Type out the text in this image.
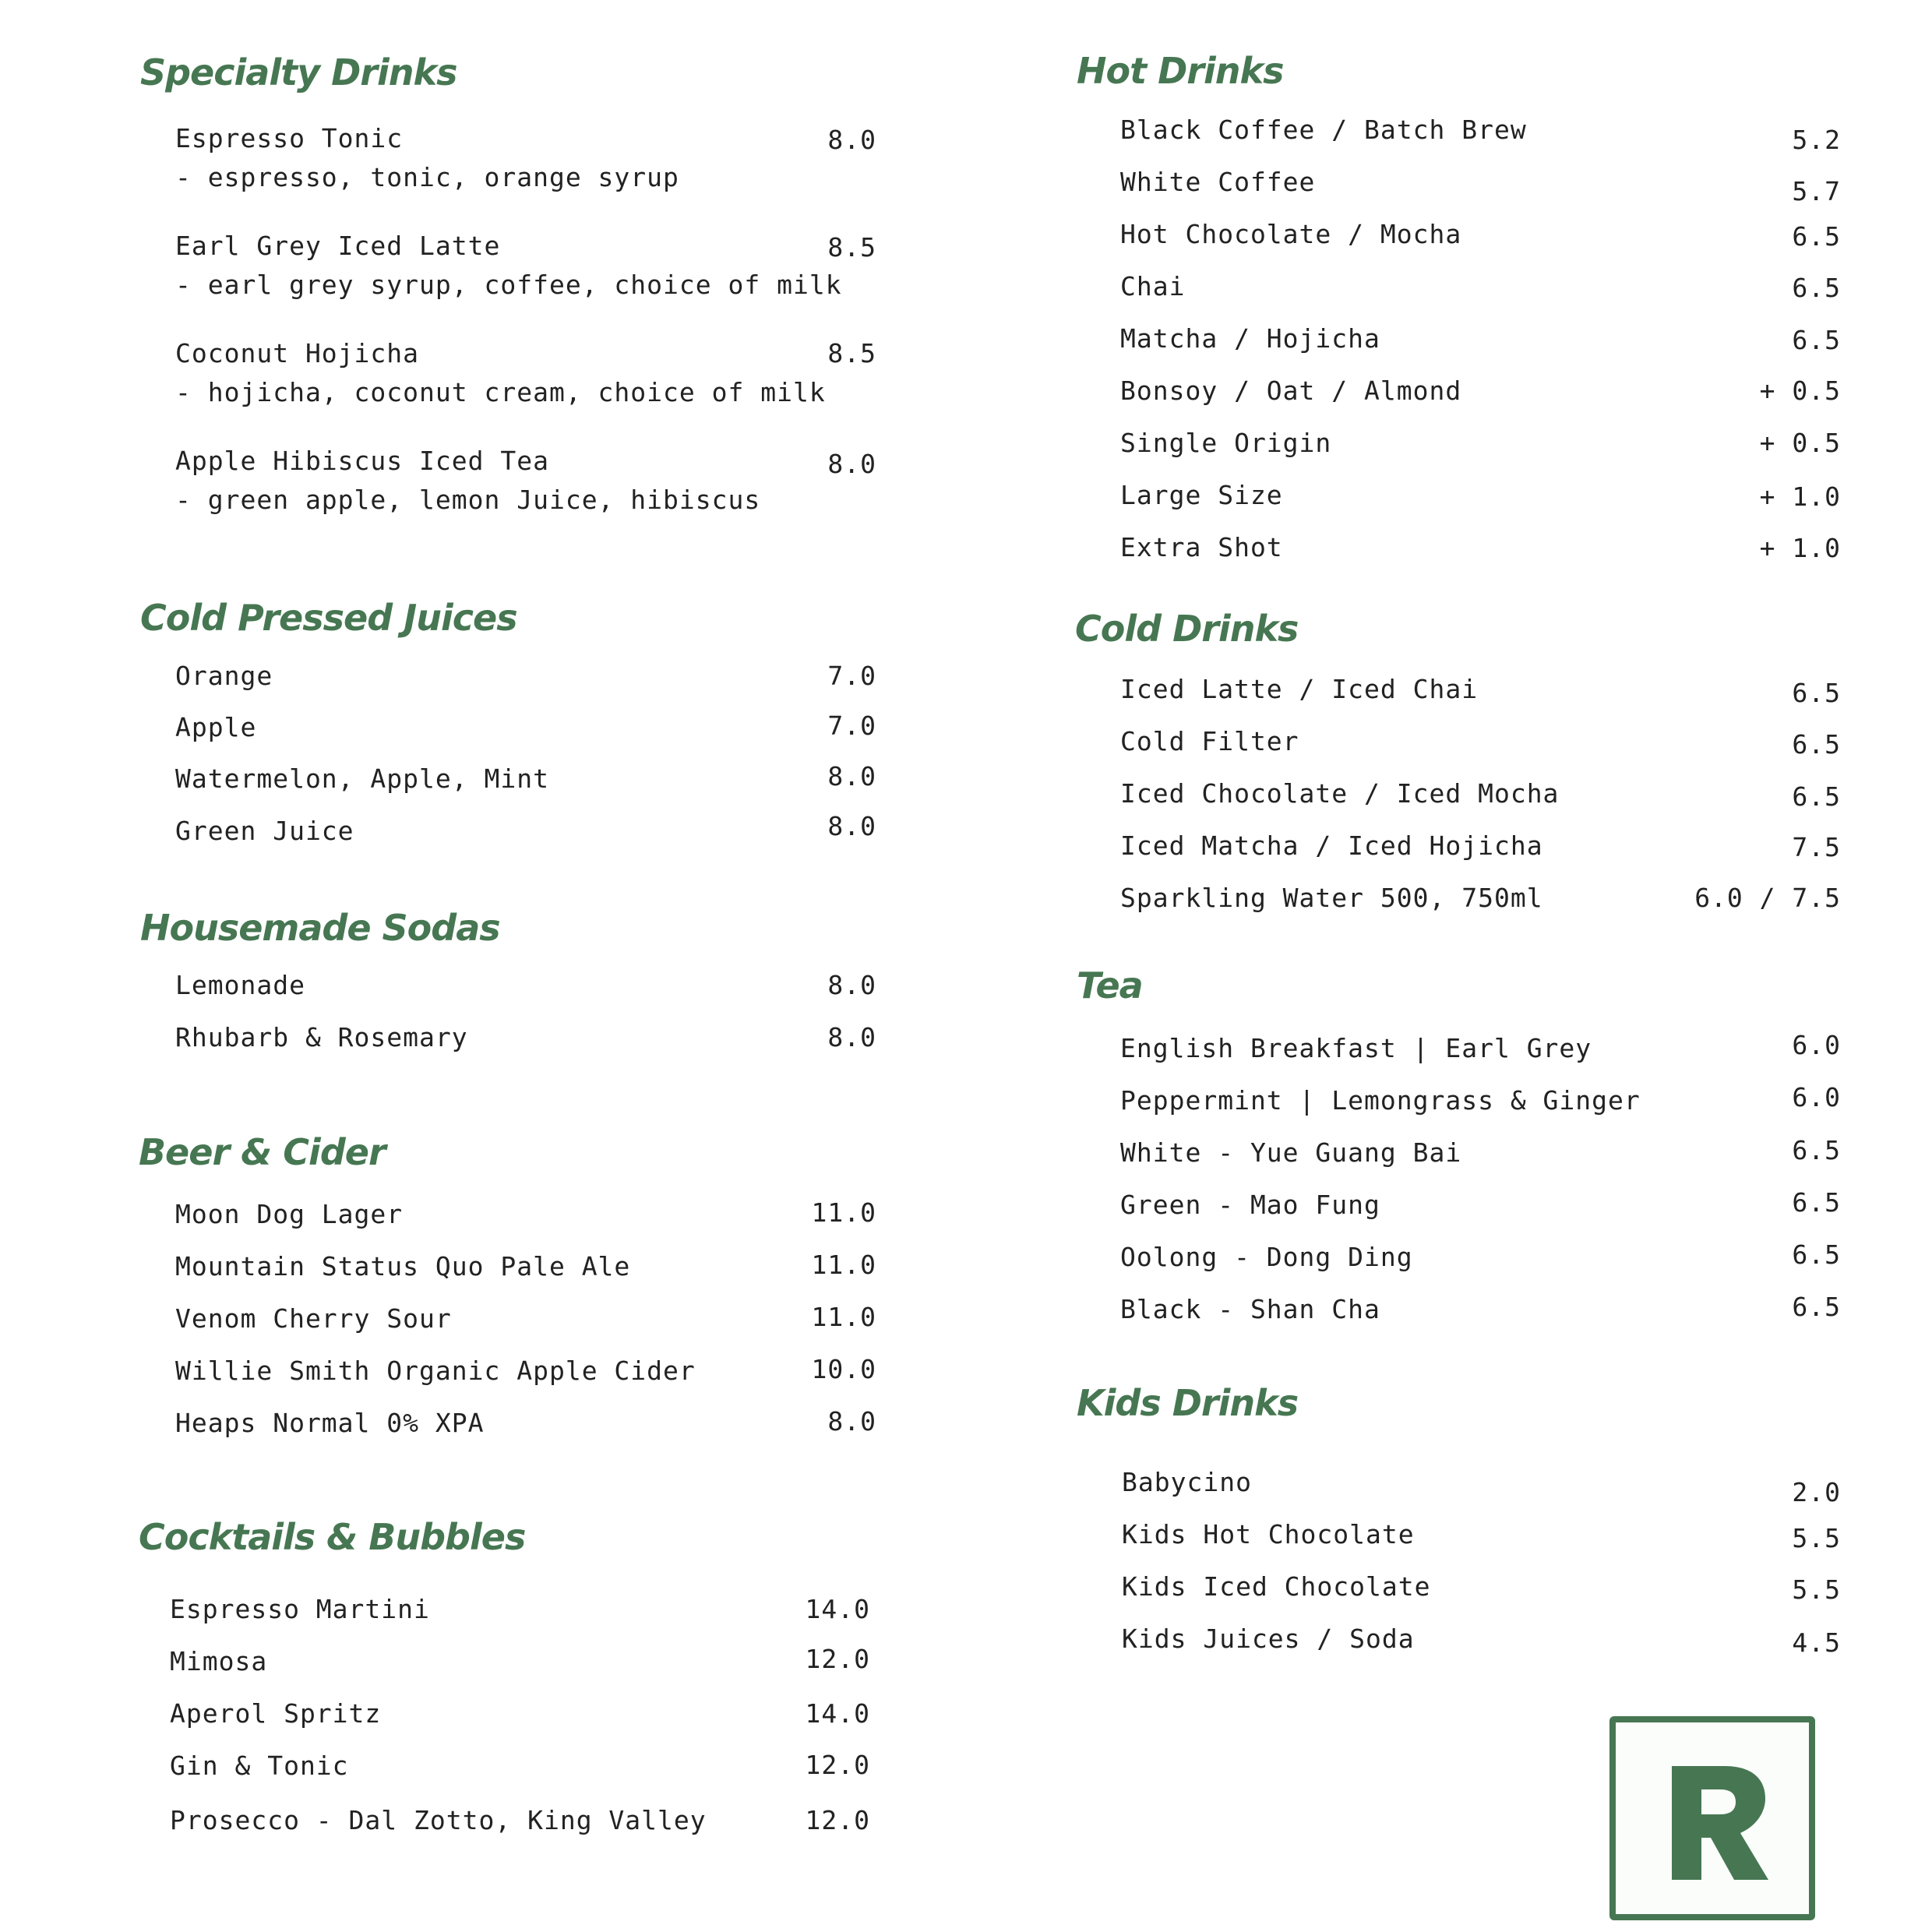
Specialty Drinks
Espresso Tonic	8.0
- espresso, tonic, orange syrup
Earl Grey Iced Latte	8.5
- earl grey syrup, coffee, choice of milk
Coconut Hojicha	8.5
- hojicha, coconut cream, choice of milk
Apple Hibiscus Iced Tea	8.0
- green apple, lemon Juice, hibiscus
Cold Pressed Juices
Orange	7.0
Apple	7.0
Watermelon, Apple, Mint	8.0
Green Juice	8.0
Housemade Sodas
Lemonade	8.0
Rhubarb & Rosemary	8.0
Beer & Cider
Moon Dog Lager	11.0
Mountain Status Quo Pale Ale	11.0
Venom Cherry Sour	11.0
Willie Smith Organic Apple Cider	10.0
Heaps Normal 0% XPA	8.0
Cocktails & Bubbles
Espresso Martini	14.0
Mimosa	12.0
Aperol Spritz	14.0
Gin & Tonic	12.0
Prosecco - Dal Zotto, King Valley	12.0
Hot Drinks
Black Coffee / Batch Brew	5.2
White Coffee	5.7
Hot Chocolate / Mocha	6.5
Chai	6.5
Matcha / Hojicha	6.5
Bonsoy / Oat / Almond	+ 0.5
Single Origin	+ 0.5
Large Size	+ 1.0
Extra Shot	+ 1.0
Cold Drinks
Iced Latte / Iced Chai	6.5
Cold Filter	6.5
Iced Chocolate / Iced Mocha	6.5
Iced Matcha / Iced Hojicha	7.5
Sparkling Water 500, 750ml	6.0 / 7.5
Tea
English Breakfast | Earl Grey	6.0
Peppermint | Lemongrass & Ginger	6.0
White - Yue Guang Bai	6.5
Green - Mao Fung	6.5
Oolong - Dong Ding	6.5
Black - Shan Cha	6.5
Kids Drinks
Babycino	2.0
Kids Hot Chocolate	5.5
Kids Iced Chocolate	5.5
Kids Juices / Soda	4.5
